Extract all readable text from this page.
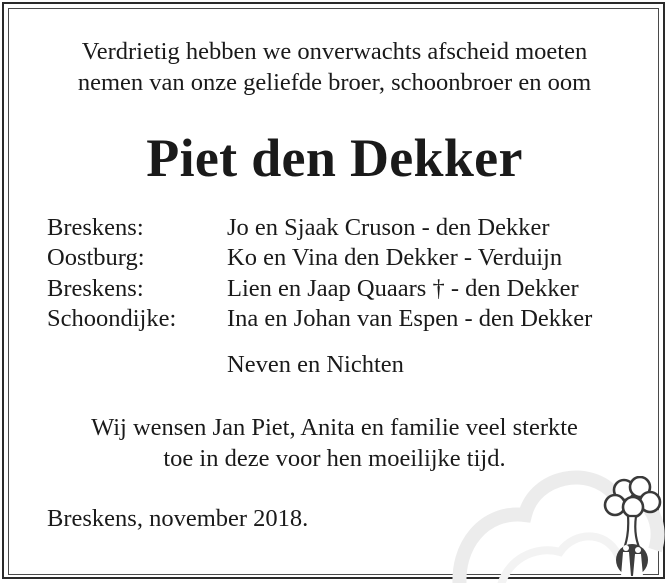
Verdrietig hebben we onverwachts afscheid moeten
nemen van onze geliefde broer, schoonbroer en oom
Piet den Dekker
Breskens:	Jo en Sjaak Cruson - den Dekker
Oostburg:	Ko en Vina den Dekker - Verduijn
Breskens:	Lien en Jaap Quaars † - den Dekker
Schoondijke:	Ina en Johan van Espen - den Dekker
Neven en Nichten
Wij wensen Jan Piet, Anita en familie veel sterkte
toe in deze voor hen moeilijke tijd.
Breskens, november 2018.
